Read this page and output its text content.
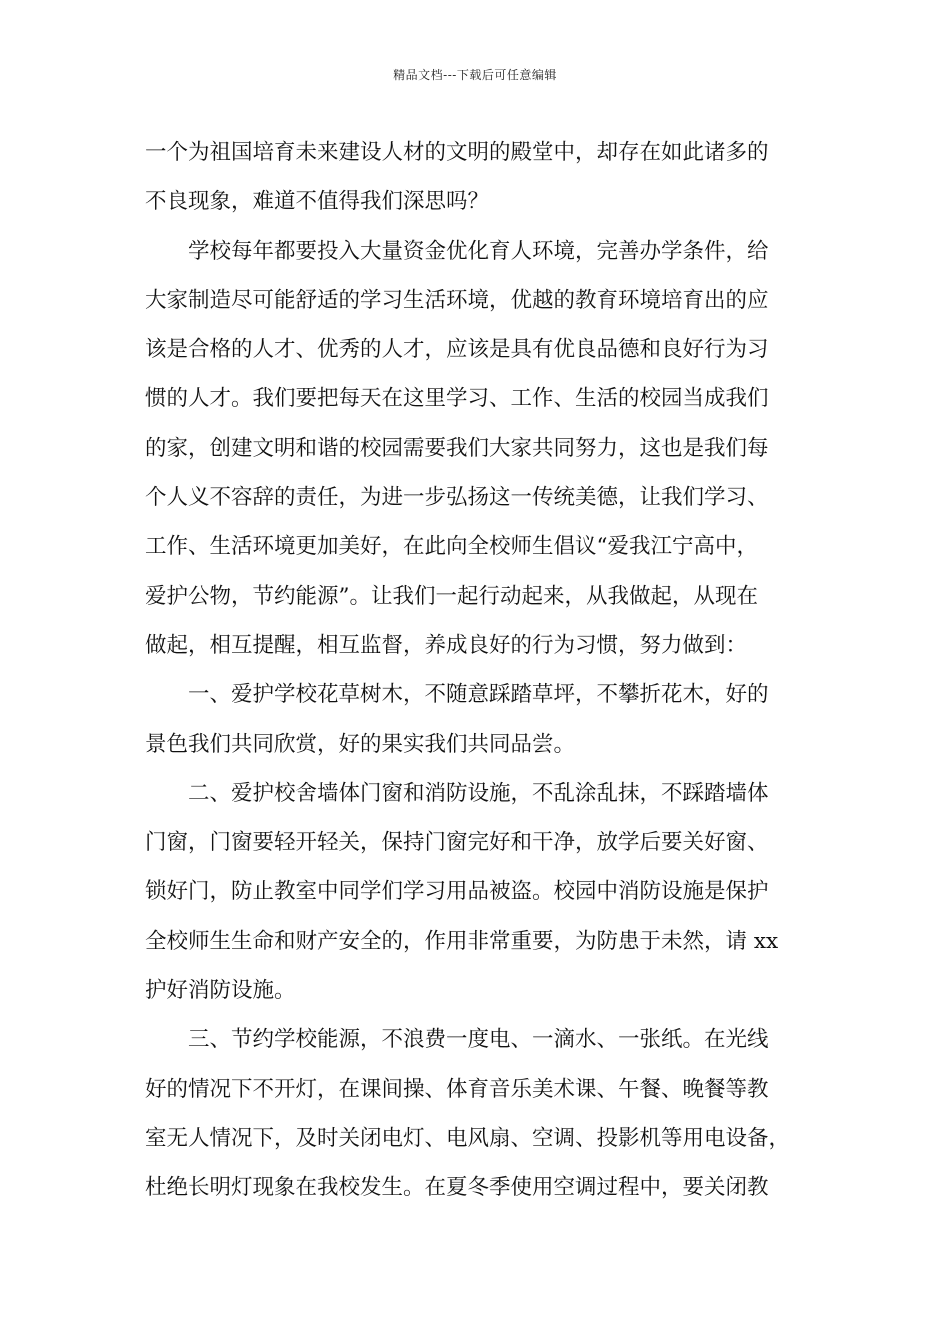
精品文档---下载后可任意编辑
一个为祖国培育未来建设人材的文明的殿堂中，却存在如此诸多的
不良现象，难道不值得我们深思吗？
学校每年都要投入大量资金优化育人环境，完善办学条件，给
大家制造尽可能舒适的学习生活环境，优越的教育环境培育出的应
该是合格的人才、优秀的人才，应该是具有优良品德和良好行为习
惯的人才。我们要把每天在这里学习、工作、生活的校园当成我们
的家，创建文明和谐的校园需要我们大家共同努力，这也是我们每
个人义不容辞的责任，为进一步弘扬这一传统美德，让我们学习、
工作、生活环境更加美好，在此向全校师生倡议“爱我江宁高中，
爱护公物，节约能源”。让我们一起行动起来，从我做起，从现在
做起，相互提醒，相互监督，养成良好的行为习惯，努力做到：
一、爱护学校花草树木，不随意踩踏草坪，不攀折花木，好的
景色我们共同欣赏，好的果实我们共同品尝。
二、爱护校舍墙体门窗和消防设施，不乱涂乱抹，不踩踏墙体
门窗，门窗要轻开轻关，保持门窗完好和干净，放学后要关好窗、
锁好门，防止教室中同学们学习用品被盗。校园中消防设施是保护
全校师生生命和财产安全的，作用非常重要，为防患于未然，请 xx
护好消防设施。
三、节约学校能源，不浪费一度电、一滴水、一张纸。在光线
好的情况下不开灯，在课间操、体育音乐美术课、午餐、晚餐等教
室无人情况下，及时关闭电灯、电风扇、空调、投影机等用电设备，
杜绝长明灯现象在我校发生。在夏冬季使用空调过程中，要关闭教
